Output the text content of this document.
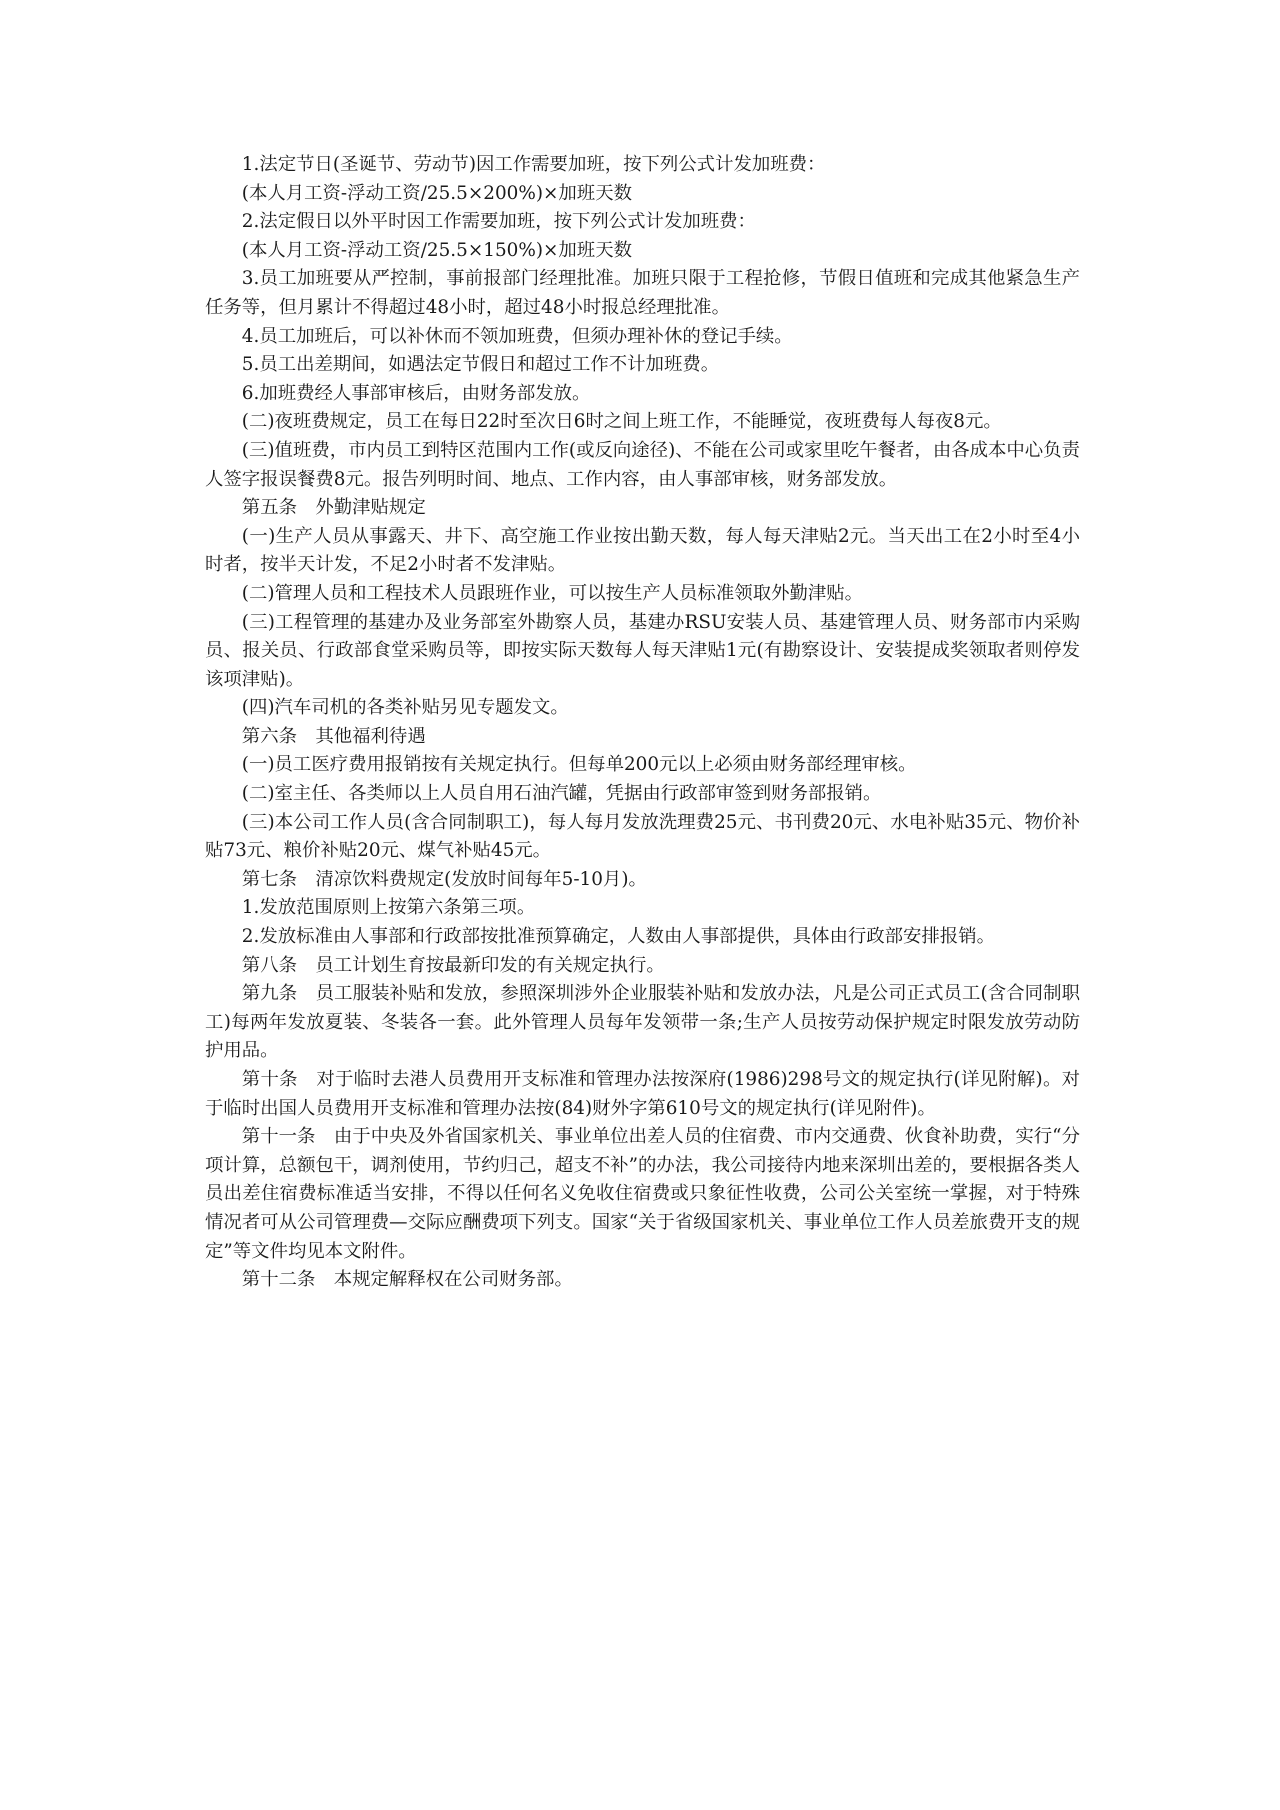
1.法定节日(圣诞节、劳动节)因工作需要加班，按下列公式计发加班费：

(本人月工资-浮动工资/25.5×200%)×加班天数

2.法定假日以外平时因工作需要加班，按下列公式计发加班费：

(本人月工资-浮动工资/25.5×150%)×加班天数

3.员工加班要从严控制，事前报部门经理批准。加班只限于工程抢修，节假日值班和完成其他紧急生产任务等，但月累计不得超过48小时，超过48小时报总经理批准。

4.员工加班后，可以补休而不领加班费，但须办理补休的登记手续。

5.员工出差期间，如遇法定节假日和超过工作不计加班费。

6.加班费经人事部审核后，由财务部发放。

(二)夜班费规定，员工在每日22时至次日6时之间上班工作，不能睡觉，夜班费每人每夜8元。

(三)值班费，市内员工到特区范围内工作(或反向途径)、不能在公司或家里吃午餐者，由各成本中心负责人签字报误餐费8元。报告列明时间、地点、工作内容，由人事部审核，财务部发放。

第五条　外勤津贴规定

(一)生产人员从事露天、井下、高空施工作业按出勤天数，每人每天津贴2元。当天出工在2小时至4小时者，按半天计发，不足2小时者不发津贴。

(二)管理人员和工程技术人员跟班作业，可以按生产人员标准领取外勤津贴。

(三)工程管理的基建办及业务部室外勘察人员，基建办RSU安装人员、基建管理人员、财务部市内采购员、报关员、行政部食堂采购员等，即按实际天数每人每天津贴1元(有勘察设计、安装提成奖领取者则停发该项津贴)。

(四)汽车司机的各类补贴另见专题发文。

第六条　其他福利待遇

(一)员工医疗费用报销按有关规定执行。但每单200元以上必须由财务部经理审核。

(二)室主任、各类师以上人员自用石油汽罐，凭据由行政部审签到财务部报销。

(三)本公司工作人员(含合同制职工)，每人每月发放洗理费25元、书刊费20元、水电补贴35元、物价补贴73元、粮价补贴20元、煤气补贴45元。

第七条　清凉饮料费规定(发放时间每年5-10月)。

1.发放范围原则上按第六条第三项。

2.发放标准由人事部和行政部按批准预算确定，人数由人事部提供，具体由行政部安排报销。

第八条　员工计划生育按最新印发的有关规定执行。

第九条　员工服装补贴和发放，参照深圳涉外企业服装补贴和发放办法，凡是公司正式员工(含合同制职工)每两年发放夏装、冬装各一套。此外管理人员每年发领带一条;生产人员按劳动保护规定时限发放劳动防护用品。

第十条　对于临时去港人员费用开支标准和管理办法按深府(1986)298号文的规定执行(详见附解)。对于临时出国人员费用开支标准和管理办法按(84)财外字第610号文的规定执行(详见附件)。

第十一条　由于中央及外省国家机关、事业单位出差人员的住宿费、市内交通费、伙食补助费，实行“分项计算，总额包干，调剂使用，节约归己，超支不补”的办法，我公司接待内地来深圳出差的，要根据各类人员出差住宿费标准适当安排，不得以任何名义免收住宿费或只象征性收费，公司公关室统一掌握，对于特殊情况者可从公司管理费—交际应酬费项下列支。国家“关于省级国家机关、事业单位工作人员差旅费开支的规定”等文件均见本文附件。

第十二条　本规定解释权在公司财务部。
